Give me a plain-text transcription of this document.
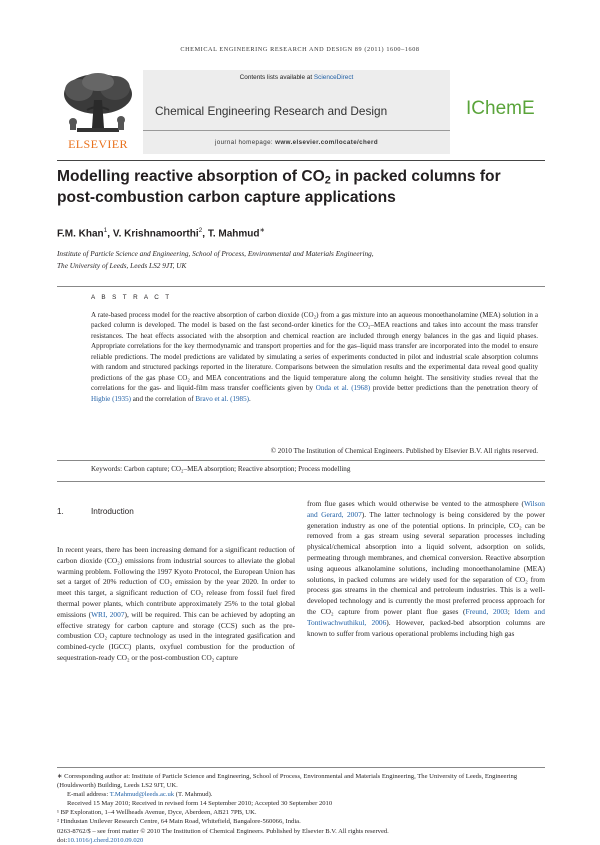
CHEMICAL ENGINEERING RESEARCH AND DESIGN 89 (2011) 1600–1608
ELSEVIER
Contents lists available at ScienceDirect
Chemical Engineering Research and Design
journal homepage: www.elsevier.com/locate/cherd
IChemE
Modelling reactive absorption of $CO_2$ in packed columns for
post-combustion carbon capture applications
F.M. Khan$^1$, V. Krishnamoorthi$^2$, T. Mahmud∗
Institute of Particle Science and Engineering, School of Process, Environmental and Materials Engineering,
The University of Leeds, Leeds LS2 9JT, UK
A B S T R A C T
A rate-based process model for the reactive absorption of carbon dioxide (CO₂) from a gas mixture into an aqueous monoethanolamine (MEA) solution in a packed column is developed. The model is based on the fast second-order kinetics for the CO₂–MEA reactions and takes into account the mass transfer resistances. The heat effects associated with the absorption and chemical reaction are included through energy balances in the gas and liquid phases. Appropriate correlations for the key thermodynamic and transport properties and for the gas–liquid mass transfer are incorporated into the model to ensure reliable predictions. The model predictions are validated by simulating a series of experiments conducted in pilot and industrial scale absorption columns with random and structured packings reported in the literature. Comparisons between the simulation results and the experimental data reveal good quality predictions of the gas phase CO₂ and MEA concentrations and the liquid temperature along the column height. The sensitivity studies reveal that the correlations for the gas- and liquid-film mass transfer coefficients given by Onda et al. (1968) provide better predictions than the penetration theory of Higbie (1935) and the correlation of Bravo et al. (1985).
© 2010 The Institution of Chemical Engineers. Published by Elsevier B.V. All rights reserved.
Keywords: Carbon capture; CO₂–MEA absorption; Reactive absorption; Process modelling
1.	Introduction
In recent years, there has been increasing demand for a significant reduction of carbon dioxide (CO₂) emissions from industrial sources to alleviate the global warming problem. Following the 1997 Kyoto Protocol, the European Union has set a target of 20% reduction of CO₂ emission by the year 2020. In order to meet this target, a significant reduction of CO₂ release from fossil fuel fired thermal power plants, which contribute approximately 25% to the total global emissions (WRI, 2007), will be required. This can be achieved by adopting an effective strategy for carbon capture and storage (CCS) such as the pre-combustion CO₂ capture technology as used in the integrated gasification and combined-cycle (IGCC) plants, oxyfuel combustion for the production of sequestration-ready CO₂ or the post-combustion CO₂ capture
from flue gases which would otherwise be vented to the atmosphere (Wilson and Gerard, 2007). The latter technology is being considered by the power generation industry as one of the potential options. In principle, CO₂ can be removed from a gas stream using several separation processes including physical/chemical absorption into a liquid solvent, adsorption on solids, permeating through membranes, and chemical conversion. Reactive absorption using aqueous alkanolamine solutions, including monoethanolamine (MEA) solutions, in packed columns are widely used for the separation of CO₂ from process gas streams in the chemical and petroleum industries. This is a well-developed technology and is currently the most preferred process approach for the CO₂ capture from power plant flue gases (Freund, 2003; Idem and Tontiwachwuthikul, 2006). However, packed-bed absorption columns are known to suffer from various operational problems including high gas
∗ Corresponding author at: Institute of Particle Science and Engineering, School of Process, Environmental and Materials Engineering, The University of Leeds, Engineering (Houldsworth) Building, Leeds LS2 9JT, UK.
E-mail address: T.Mahmud@leeds.ac.uk (T. Mahmud).
Received 15 May 2010; Received in revised form 14 September 2010; Accepted 30 September 2010
¹ BP Exploration, 1–4 Wellheads Avenue, Dyce, Aberdeen, AB21 7PB, UK.
² Hindustan Unilever Research Centre, 64 Main Road, Whitefield, Bangalore-560066, India.
0263-8762/$ – see front matter © 2010 The Institution of Chemical Engineers. Published by Elsevier B.V. All rights reserved.
doi:10.1016/j.cherd.2010.09.020
